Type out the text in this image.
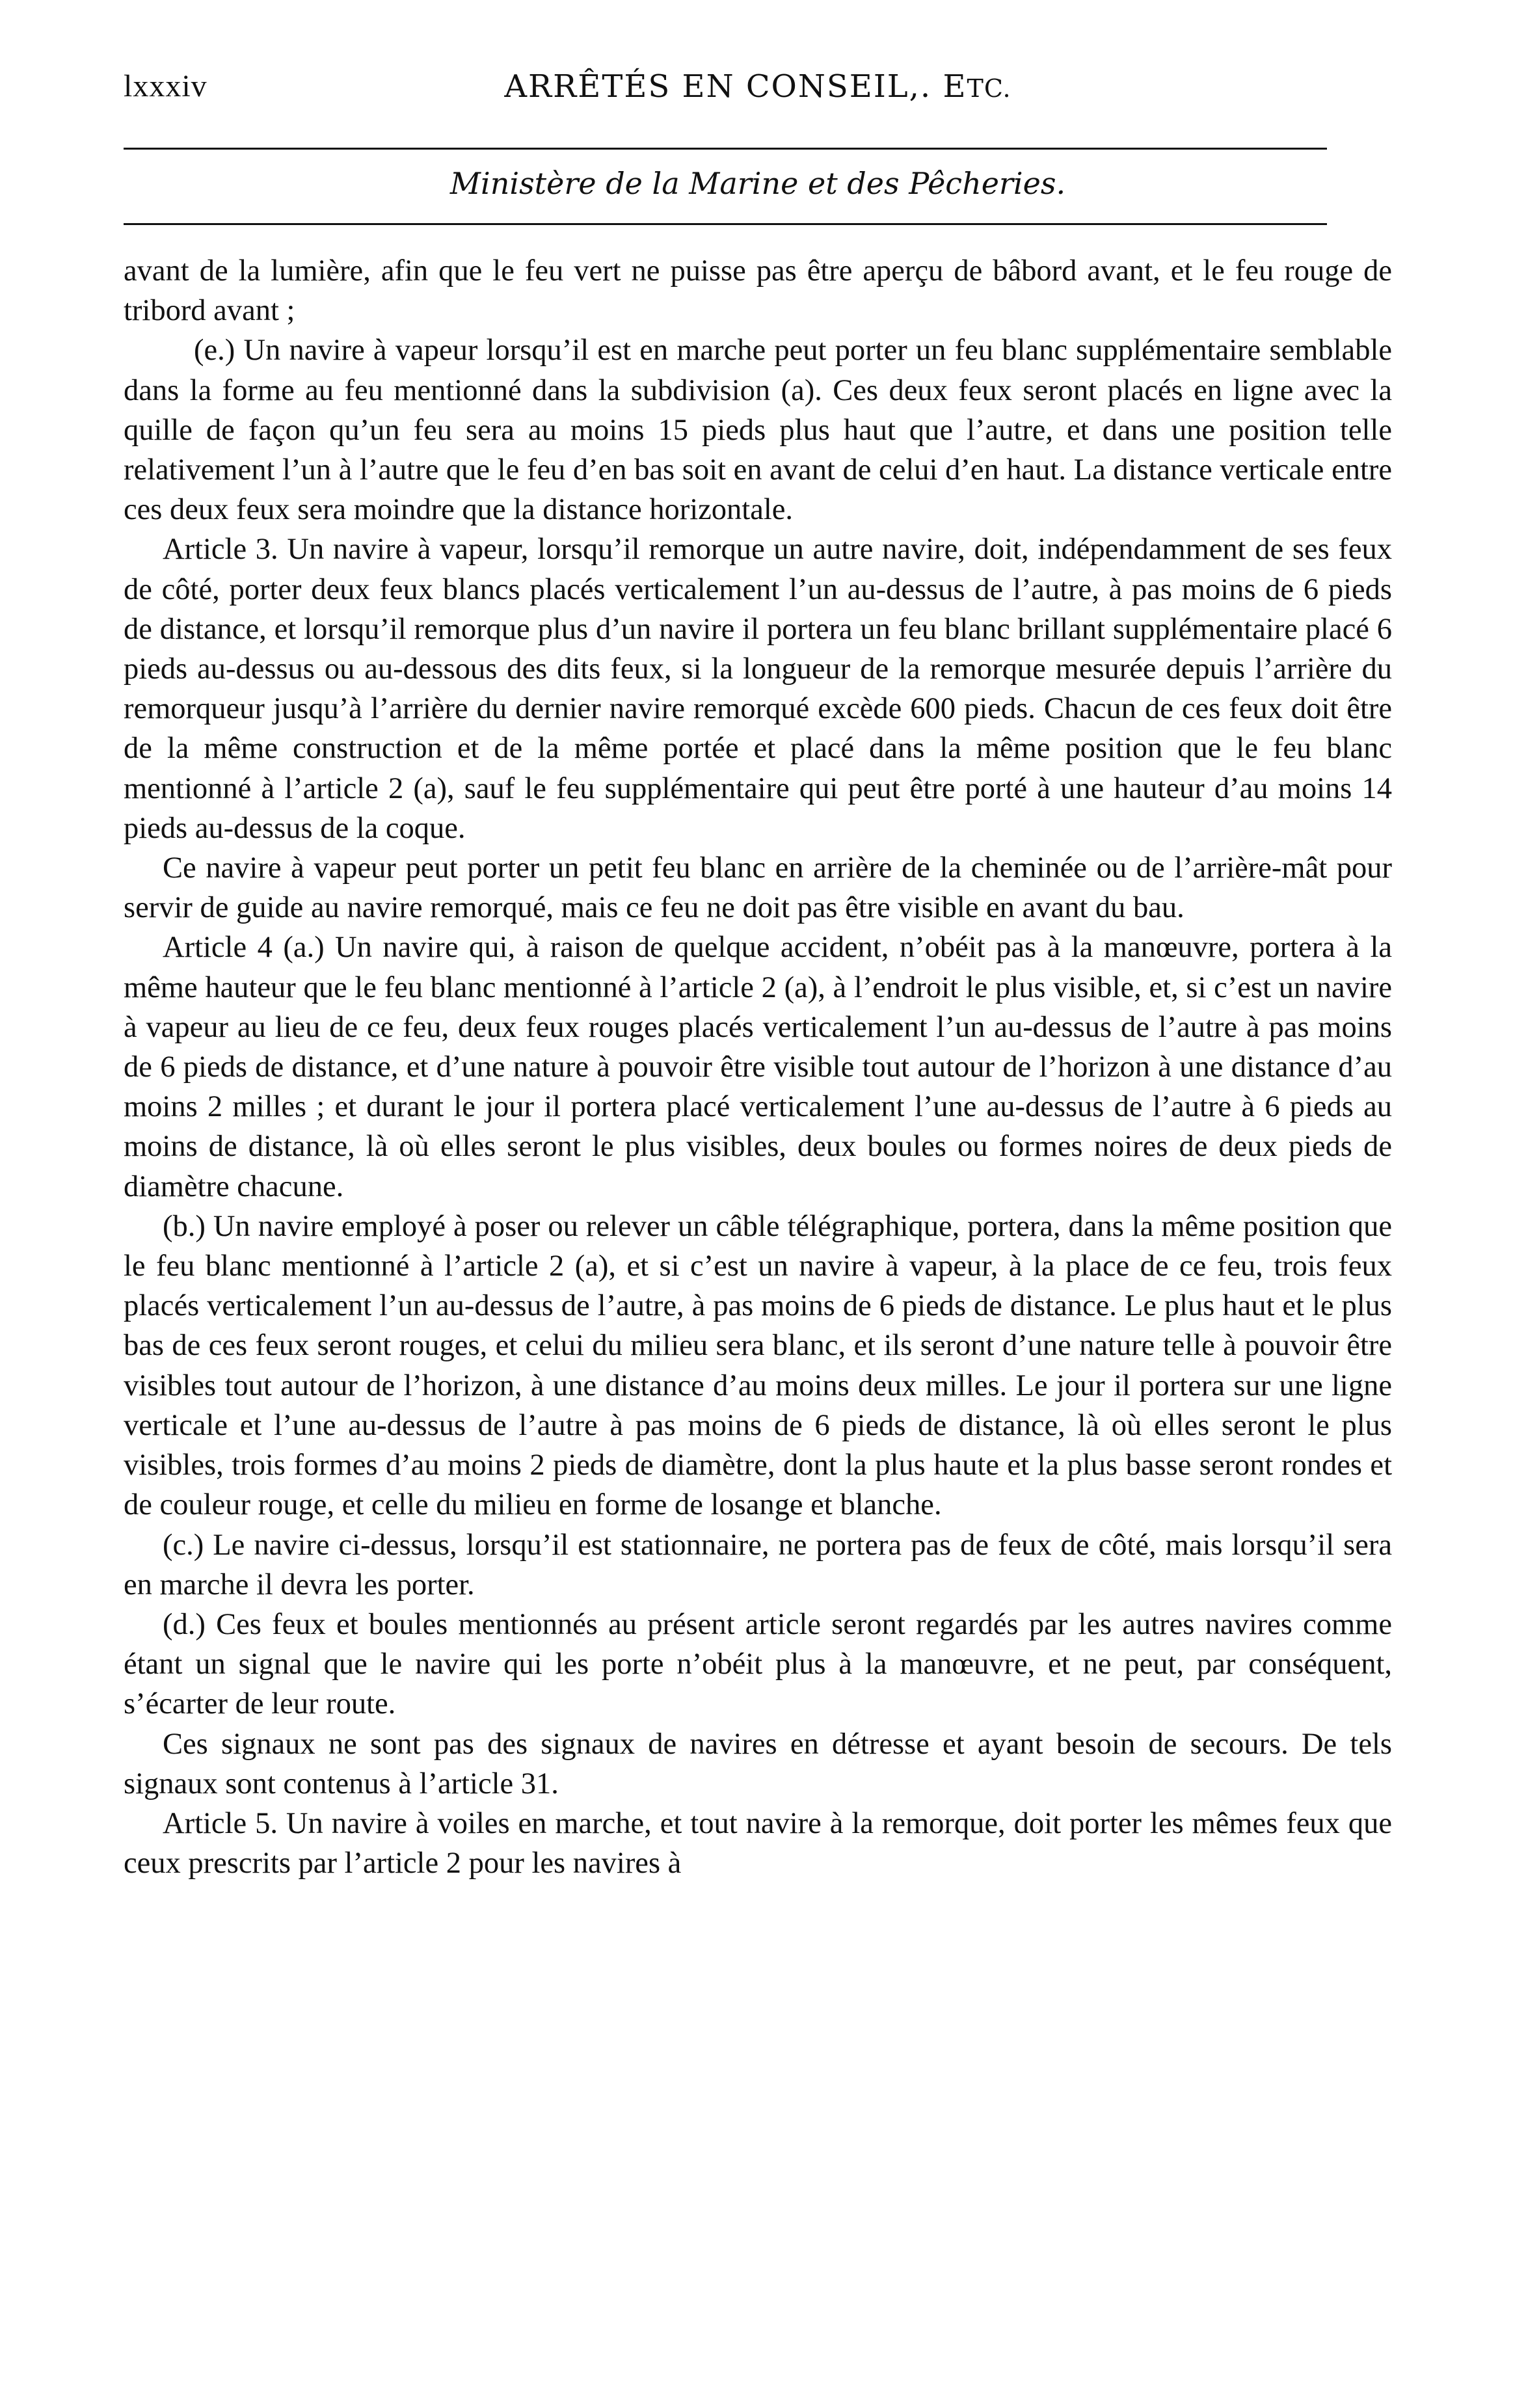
lxxxiv	ARRÊTÉS EN CONSEIL,. ETC.
Ministère de la Marine et des Pêcheries.

avant de la lumière, afin que le feu vert ne puisse pas être aperçu de bâbord avant, et le feu rouge de tribord avant ;

(e.) Un navire à vapeur lorsqu’il est en marche peut porter un feu blanc supplémentaire semblable dans la forme au feu mentionné dans la subdivision (a). Ces deux feux seront placés en ligne avec la quille de façon qu’un feu sera au moins 15 pieds plus haut que l’autre, et dans une position telle relativement l’un à l’autre que le feu d’en bas soit en avant de celui d’en haut. La distance verticale entre ces deux feux sera moindre que la distance horizontale.

Article 3. Un navire à vapeur, lorsqu’il remorque un autre navire, doit, indépendamment de ses feux de côté, porter deux feux blancs placés verticalement l’un au-dessus de l’autre, à pas moins de 6 pieds de distance, et lorsqu’il remorque plus d’un navire il portera un feu blanc brillant supplémentaire placé 6 pieds au-dessus ou au-dessous des dits feux, si la longueur de la remorque mesurée depuis l’arrière du remorqueur jusqu’à l’arrière du dernier navire remorqué excède 600 pieds. Chacun de ces feux doit être de la même construction et de la même portée et placé dans la même position que le feu blanc mentionné à l’article 2 (a), sauf le feu supplémentaire qui peut être porté à une hauteur d’au moins 14 pieds au-dessus de la coque.

Ce navire à vapeur peut porter un petit feu blanc en arrière de la cheminée ou de l’arrière-mât pour servir de guide au navire remorqué, mais ce feu ne doit pas être visible en avant du bau.

Article 4 (a.) Un navire qui, à raison de quelque accident, n’obéit pas à la manœuvre, portera à la même hauteur que le feu blanc mentionné à l’article 2 (a), à l’endroit le plus visible, et, si c’est un navire à vapeur au lieu de ce feu, deux feux rouges placés verticalement l’un au-dessus de l’autre à pas moins de 6 pieds de distance, et d’une nature à pouvoir être visible tout autour de l’horizon à une distance d’au moins 2 milles ; et durant le jour il portera placé verticalement l’une au-dessus de l’autre à 6 pieds au moins de distance, là où elles seront le plus visibles, deux boules ou formes noires de deux pieds de diamètre chacune.

(b.) Un navire employé à poser ou relever un câble télégraphique, portera, dans la même position que le feu blanc mentionné à l’article 2 (a), et si c’est un navire à vapeur, à la place de ce feu, trois feux placés verticalement l’un au-dessus de l’autre, à pas moins de 6 pieds de distance. Le plus haut et le plus bas de ces feux seront rouges, et celui du milieu sera blanc, et ils seront d’une nature telle à pouvoir être visibles tout autour de l’horizon, à une distance d’au moins deux milles. Le jour il portera sur une ligne verticale et l’une au-dessus de l’autre à pas moins de 6 pieds de distance, là où elles seront le plus visibles, trois formes d’au moins 2 pieds de diamètre, dont la plus haute et la plus basse seront rondes et de couleur rouge, et celle du milieu en forme de losange et blanche.

(c.) Le navire ci-dessus, lorsqu’il est stationnaire, ne portera pas de feux de côté, mais lorsqu’il sera en marche il devra les porter.

(d.) Ces feux et boules mentionnés au présent article seront regardés par les autres navires comme étant un signal que le navire qui les porte n’obéit plus à la manœuvre, et ne peut, par conséquent, s’écarter de leur route.

Ces signaux ne sont pas des signaux de navires en détresse et ayant besoin de secours. De tels signaux sont contenus à l’article 31.

Article 5. Un navire à voiles en marche, et tout navire à la remorque, doit porter les mêmes feux que ceux prescrits par l’article 2 pour les navires à
